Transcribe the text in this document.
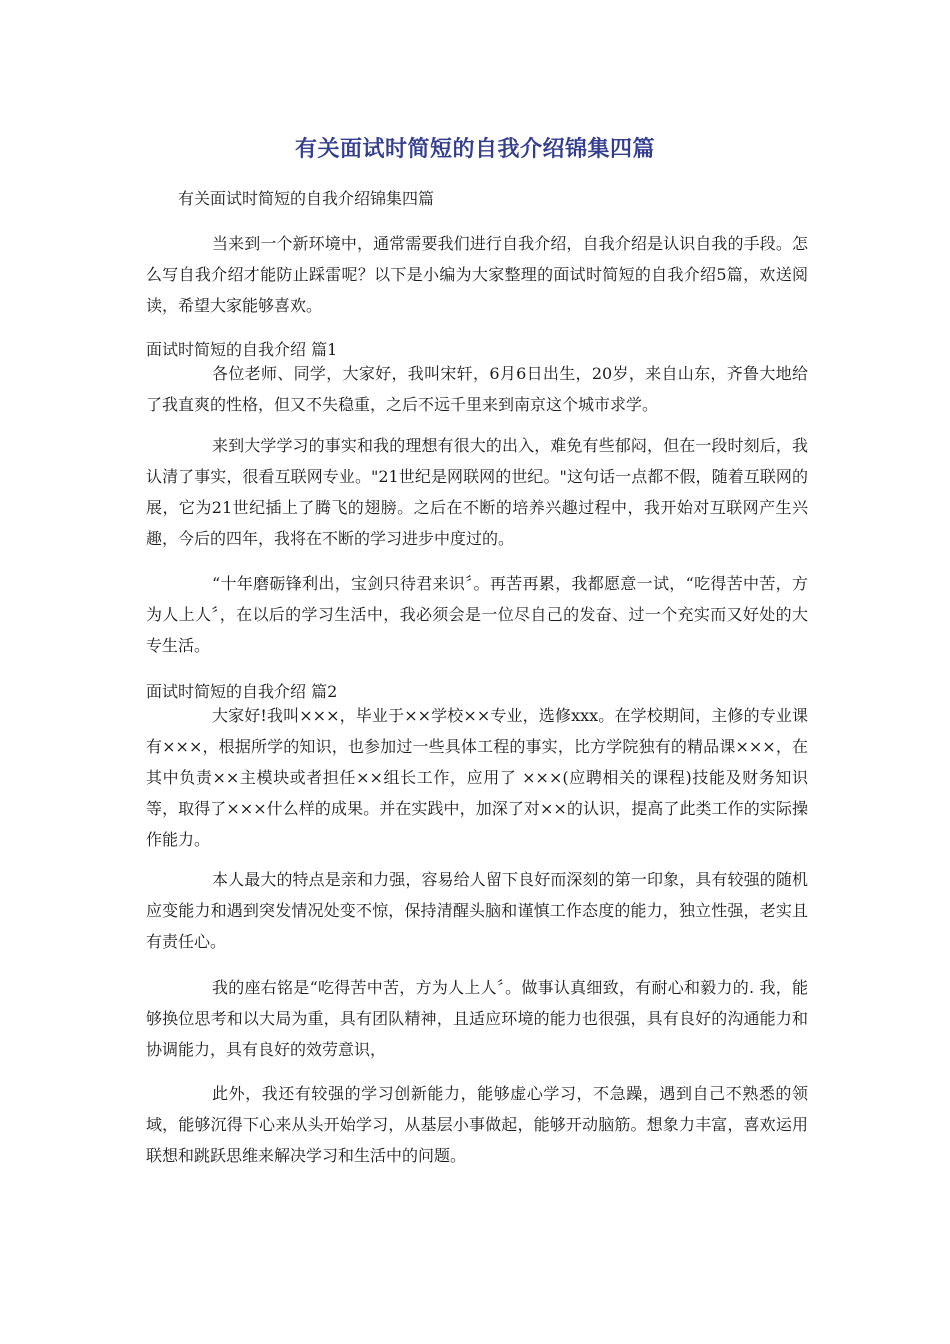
有关面试时简短的自我介绍锦集四篇
有关面试时简短的自我介绍锦集四篇

当来到一个新环境中，通常需要我们进行自我介绍，自我介绍是认识自我的手段。怎么写自我介绍才能防止踩雷呢？以下是小编为大家整理的面试时简短的自我介绍5篇，欢送阅读，希望大家能够喜欢。

面试时简短的自我介绍 篇1

各位老师、同学，大家好，我叫宋轩，6月6日出生，20岁，来自山东，齐鲁大地给了我直爽的性格，但又不失稳重，之后不远千里来到南京这个城市求学。

来到大学学习的事实和我的理想有很大的出入，难免有些郁闷，但在一段时刻后，我认清了事实，很看互联网专业。"21世纪是网联网的世纪。"这句话一点都不假，随着互联网的展，它为21世纪插上了腾飞的翅膀。之后在不断的培养兴趣过程中，我开始对互联网产生兴趣，今后的四年，我将在不断的学习进步中度过的。

“十年磨砺锋利出，宝剑只待君来识〞。再苦再累，我都愿意一试，“吃得苦中苦，方为人上人〞，在以后的学习生活中，我必须会是一位尽自己的发奋、过一个充实而又好处的大专生活。

面试时简短的自我介绍 篇2

大家好!我叫×××，毕业于××学校××专业，选修xxx。在学校期间，主修的专业课有×××，根据所学的知识，也参加过一些具体工程的事实，比方学院独有的精品课×××，在其中负责××主模块或者担任××组长工作，应用了 ×××(应聘相关的课程)技能及财务知识等，取得了×××什么样的成果。并在实践中，加深了对××的认识，提高了此类工作的实际操作能力。

本人最大的特点是亲和力强，容易给人留下良好而深刻的第一印象，具有较强的随机应变能力和遇到突发情况处变不惊，保持清醒头脑和谨慎工作态度的能力，独立性强，老实且有责任心。

我的座右铭是“吃得苦中苦，方为人上人〞。做事认真细致，有耐心和毅力的. 我，能够换位思考和以大局为重，具有团队精神，且适应环境的能力也很强，具有良好的沟通能力和协调能力，具有良好的效劳意识，

此外，我还有较强的学习创新能力，能够虚心学习，不急躁，遇到自己不熟悉的领域，能够沉得下心来从头开始学习，从基层小事做起，能够开动脑筋。想象力丰富，喜欢运用联想和跳跃思维来解决学习和生活中的问题。
